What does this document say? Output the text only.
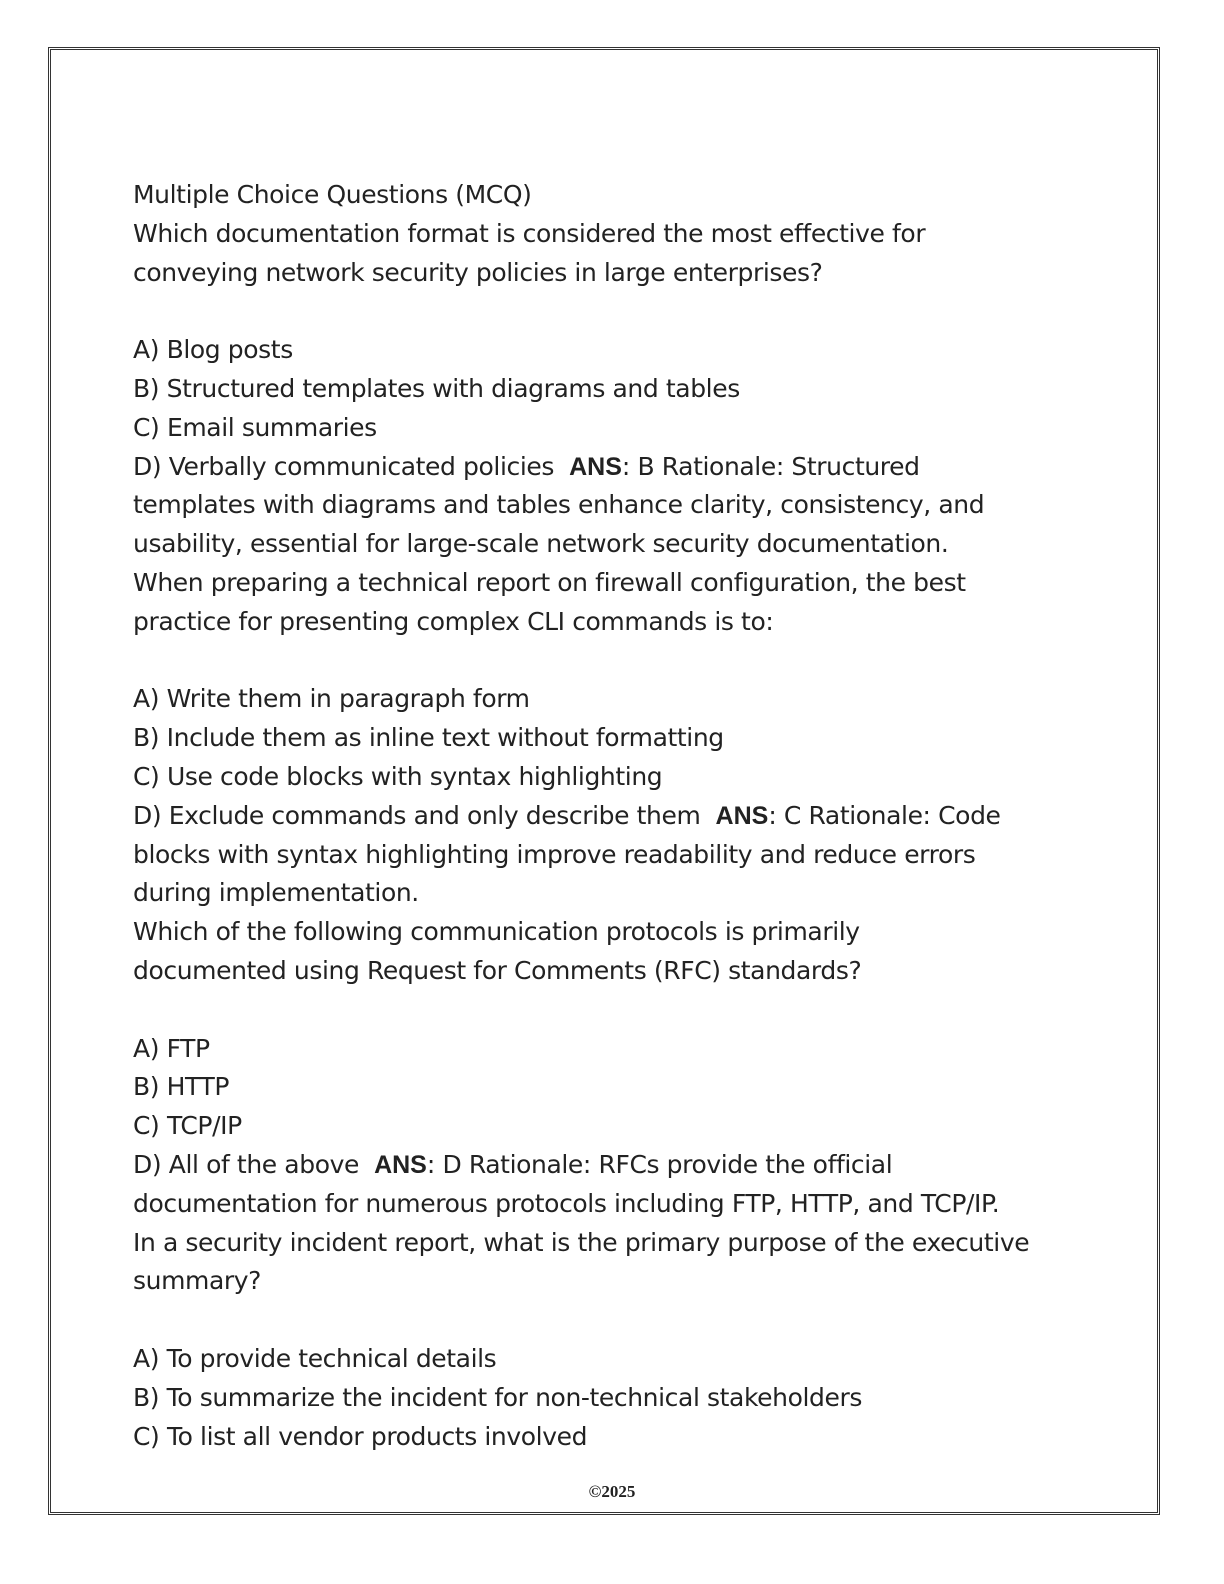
Multiple Choice Questions (MCQ)
Which documentation format is considered the most effective for
conveying network security policies in large enterprises?
A) Blog posts
B) Structured templates with diagrams and tables
C) Email summaries
D) Verbally communicated policies ANS: B Rationale: Structured
templates with diagrams and tables enhance clarity, consistency, and
usability, essential for large-scale network security documentation.
When preparing a technical report on firewall configuration, the best
practice for presenting complex CLI commands is to:
A) Write them in paragraph form
B) Include them as inline text without formatting
C) Use code blocks with syntax highlighting
D) Exclude commands and only describe them ANS: C Rationale: Code
blocks with syntax highlighting improve readability and reduce errors
during implementation.
Which of the following communication protocols is primarily
documented using Request for Comments (RFC) standards?
A) FTP
B) HTTP
C) TCP/IP
D) All of the above ANS: D Rationale: RFCs provide the official
documentation for numerous protocols including FTP, HTTP, and TCP/IP.
In a security incident report, what is the primary purpose of the executive
summary?
A) To provide technical details
B) To summarize the incident for non-technical stakeholders
C) To list all vendor products involved
©2025
